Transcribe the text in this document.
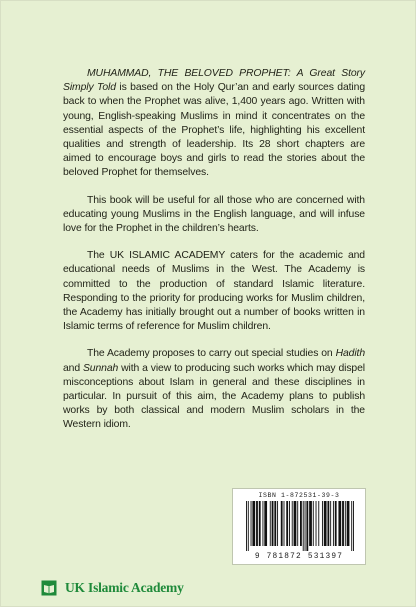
MUHAMMAD, THE BELOVED PROPHET: A Great Story Simply Told is based on the Holy Qur’an and early sources dating back to when the Prophet was alive, 1,400 years ago. Written with young, English-speaking Muslims in mind it concentrates on the essential aspects of the Prophet’s life, highlighting his excellent qualities and strength of leadership. Its 28 short chapters are aimed to encourage boys and girls to read the stories about the beloved Prophet for themselves.

This book will be useful for all those who are concerned with educating young Muslims in the English language, and will infuse love for the Prophet in the children’s hearts.

The UK ISLAMIC ACADEMY caters for the academic and educational needs of Muslims in the West. The Academy is committed to the production of standard Islamic literature. Responding to the priority for producing works for Muslim children, the Academy has initially brought out a number of books written in Islamic terms of reference for Muslim children.

The Academy proposes to carry out special studies on Hadith and Sunnah with a view to producing such works which may dispel misconceptions about Islam in general and these disciplines in particular. In pursuit of this aim, the Academy plans to publish works by both classical and modern Muslim scholars in the Western idiom.

ISBN 1-872531-39-3
9 781872 531397
UK Islamic Academy
